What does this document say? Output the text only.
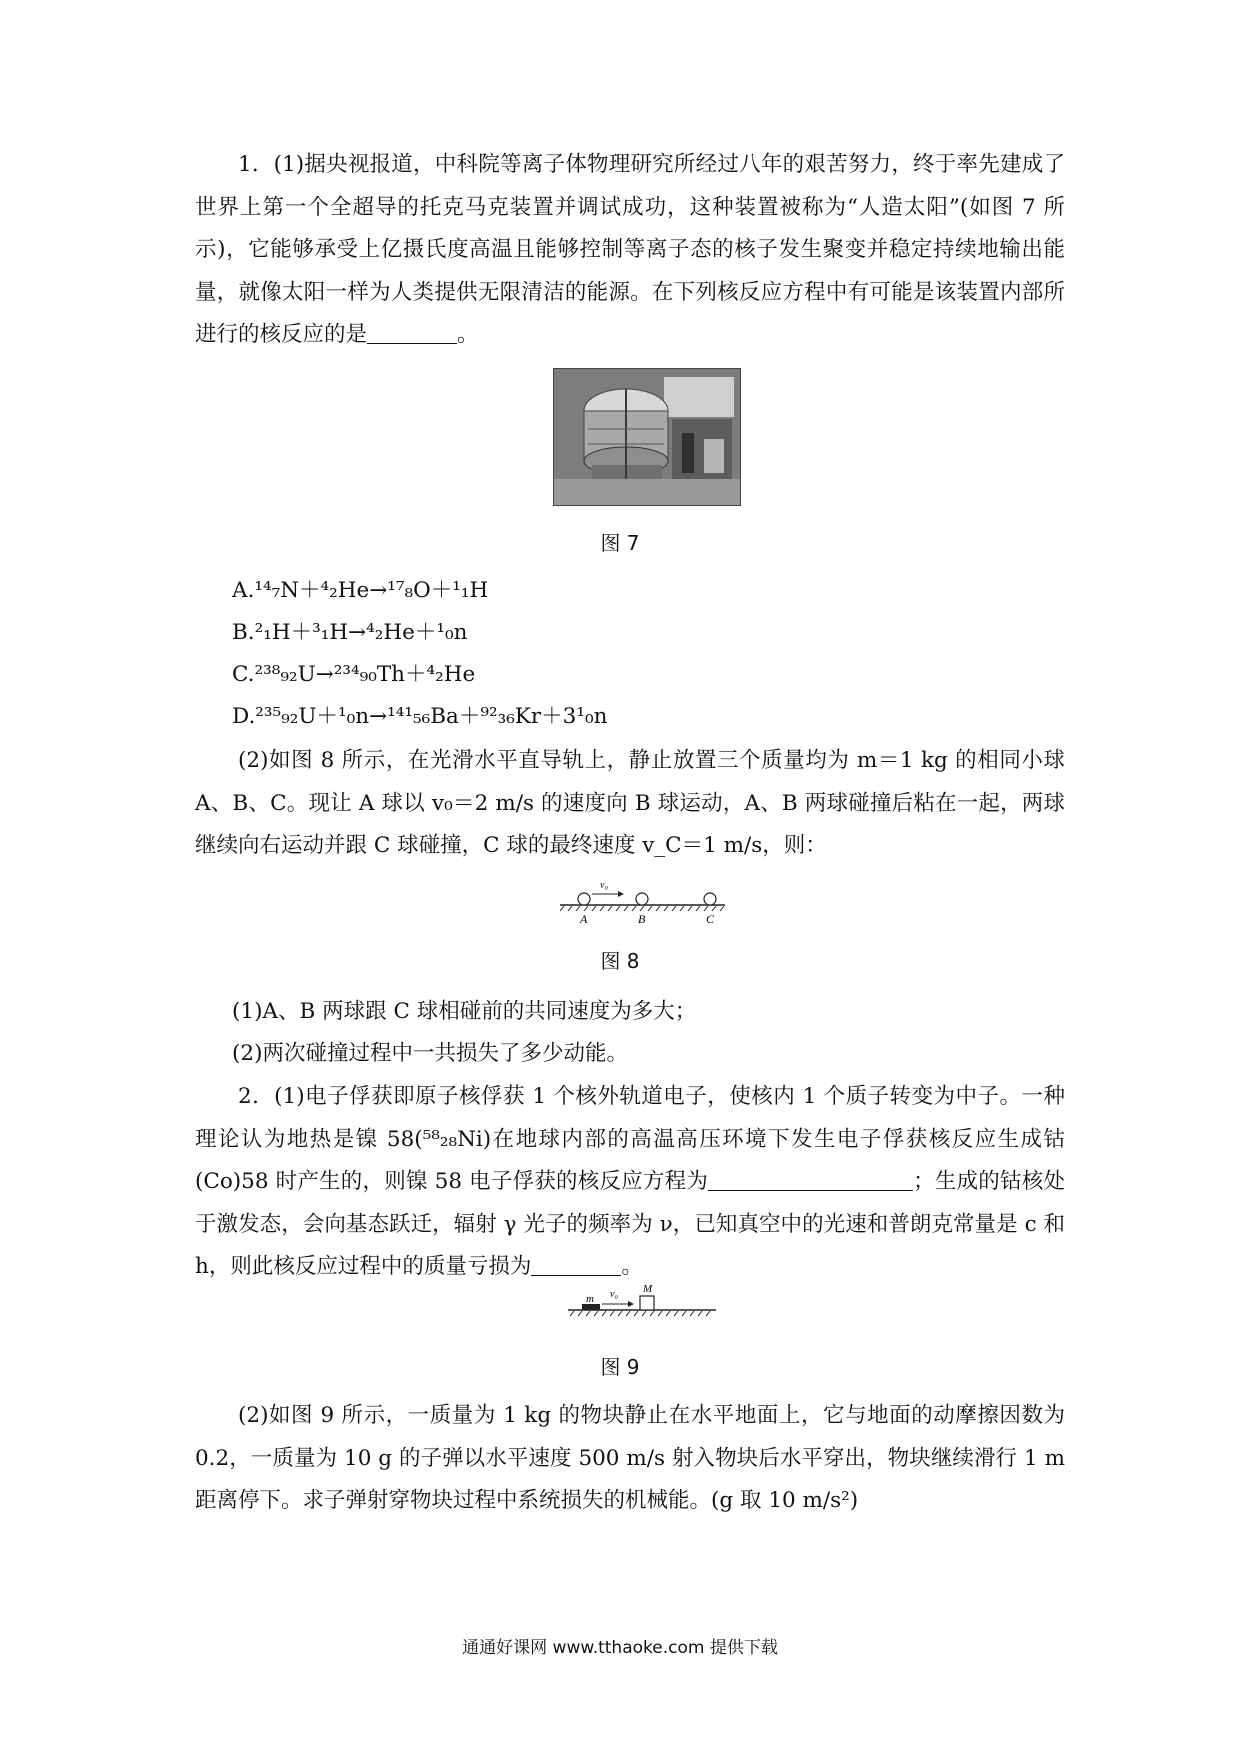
1．(1)据央视报道，中科院等离子体物理研究所经过八年的艰苦努力，终于率先建成了世界上第一个全超导的托克马克装置并调试成功，这种装置被称为“人造太阳”(如图 7 所示)，它能够承受上亿摄氏度高温且能够控制等离子态的核子发生聚变并稳定持续地输出能量，就像太阳一样为人类提供无限清洁的能源。在下列核反应方程中有可能是该装置内部所进行的核反应的是	。
图 7
A.¹⁴₇N＋⁴₂He→¹⁷₈O＋¹₁H
B.²₁H＋³₁H→⁴₂He＋¹₀n
C.²³⁸₉₂U→²³⁴₉₀Th＋⁴₂He
D.²³⁵₉₂U＋¹₀n→¹⁴¹₅₆Ba＋⁹²₃₆Kr＋3¹₀n
(2)如图 8 所示，在光滑水平直导轨上，静止放置三个质量均为 m＝1 kg 的相同小球 A、B、C。现让 A 球以 v₀＝2 m/s 的速度向 B 球运动，A、B 两球碰撞后粘在一起，两球继续向右运动并跟 C 球碰撞，C 球的最终速度 v_C＝1 m/s，则：
v₀
A	B	C
图 8
(1)A、B 两球跟 C 球相碰前的共同速度为多大；
(2)两次碰撞过程中一共损失了多少动能。
2．(1)电子俘获即原子核俘获 1 个核外轨道电子，使核内 1 个质子转变为中子。一种理论认为地热是镍 58(⁵⁸₂₈Ni)在地球内部的高温高压环境下发生电子俘获核反应生成钴(Co)58 时产生的，则镍 58 电子俘获的核反应方程为	；生成的钴核处于激发态，会向基态跃迁，辐射 γ 光子的频率为 ν，已知真空中的光速和普朗克常量是 c 和 h，则此核反应过程中的质量亏损为	。
m v₀ M
图 9
(2)如图 9 所示，一质量为 1 kg 的物块静止在水平地面上，它与地面的动摩擦因数为 0.2，一质量为 10 g 的子弹以水平速度 500 m/s 射入物块后水平穿出，物块继续滑行 1 m 距离停下。求子弹射穿物块过程中系统损失的机械能。(g 取 10 m/s²)
通通好课网 www.tthaoke.com 提供下载
